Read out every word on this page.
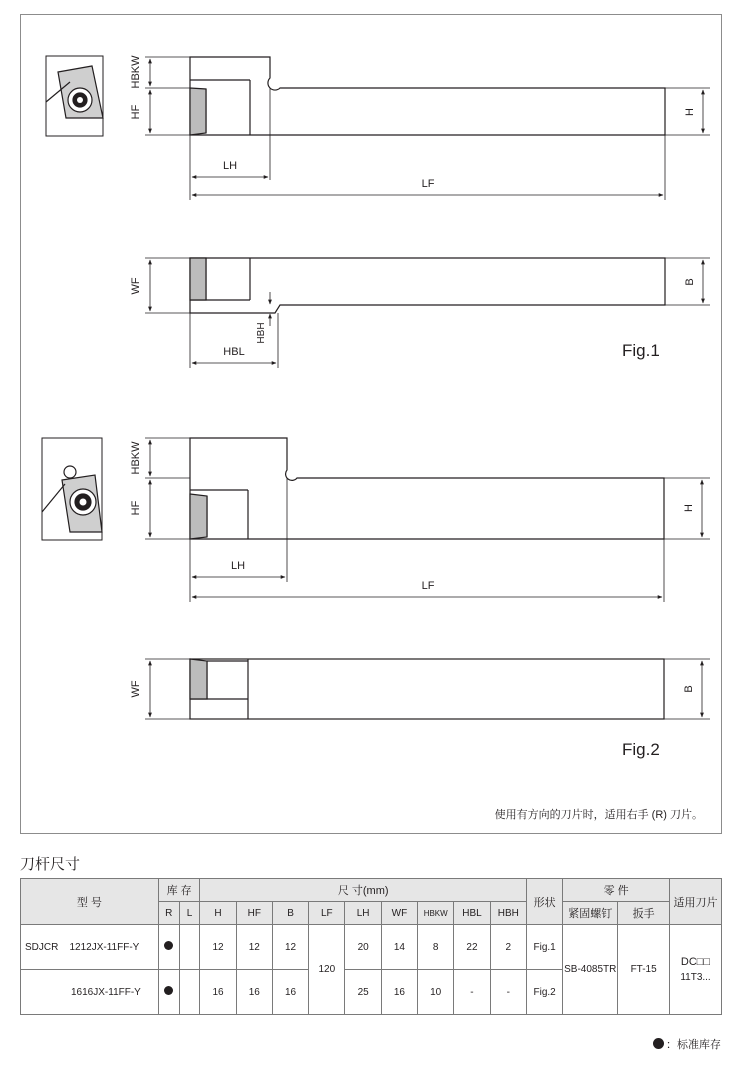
HBKW
HF	H
LH
LF
WF	B
HBL
HBH
HBKW
HF	H
LH
LF
WF	B
Fig.1
Fig.2
使用有方向的刀片时，适用右手 (R) 刀片。
刀杆尺寸
型 号	库 存		尺 寸(mm)									形状	零 件		适用刀片
	R	L	H	HF	B	LF	LH	WF	HBKW	HBL	HBH		紧固螺钉	扳手	
SDJCR 1212JX-11FF-Y			12	12	12	120	20	14	8	22	2	Fig.1	SB-4085TR	FT-15	DC□□
11T3...

1616JX-11FF-Y			16	16	16		25	16	10	-	-	Fig.2			
：标准库存
